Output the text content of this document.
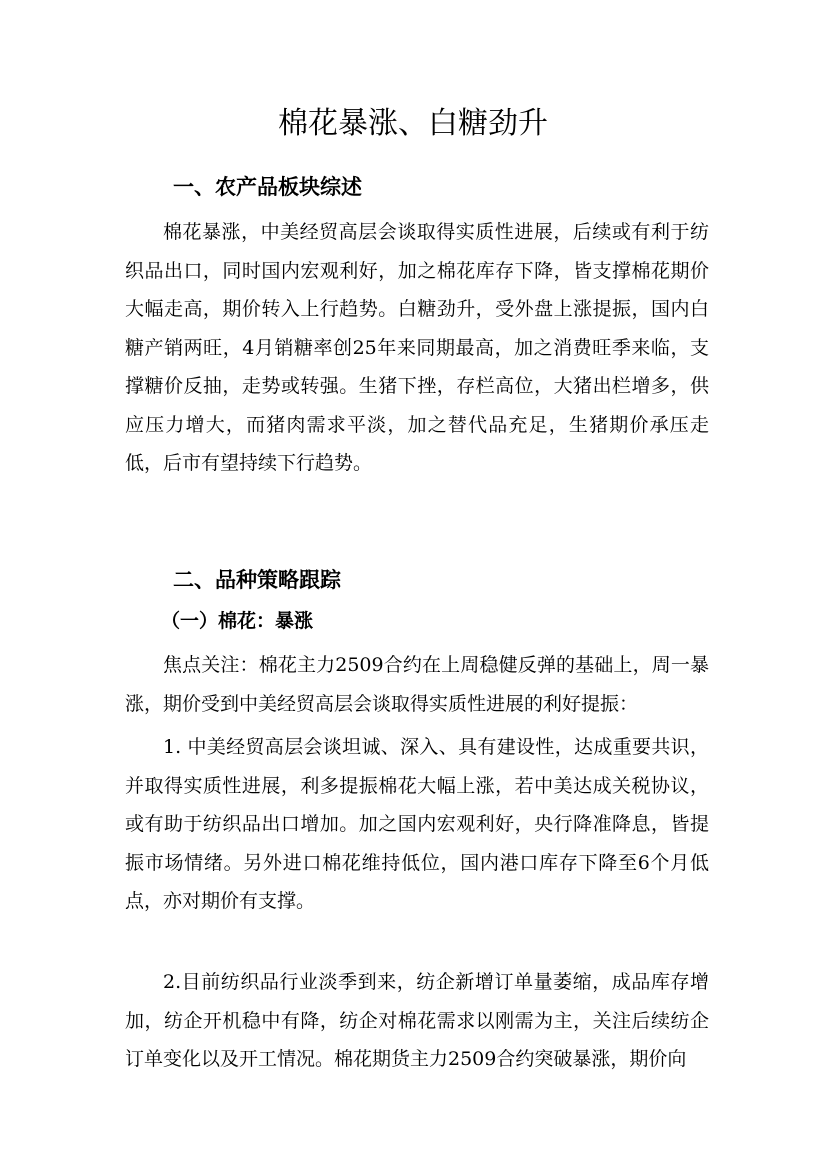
棉花暴涨、白糖劲升
一、农产品板块综述

棉花暴涨，中美经贸高层会谈取得实质性进展，后续或有利于纺织品出口，同时国内宏观利好，加之棉花库存下降，皆支撑棉花期价大幅走高，期价转入上行趋势。白糖劲升，受外盘上涨提振，国内白糖产销两旺，4月销糖率创25年来同期最高，加之消费旺季来临，支撑糖价反抽，走势或转强。生猪下挫，存栏高位，大猪出栏增多，供应压力增大，而猪肉需求平淡，加之替代品充足，生猪期价承压走低，后市有望持续下行趋势。

二、品种策略跟踪
（一）棉花：暴涨

焦点关注：棉花主力2509合约在上周稳健反弹的基础上，周一暴涨，期价受到中美经贸高层会谈取得实质性进展的利好提振：

1. 中美经贸高层会谈坦诚、深入、具有建设性，达成重要共识，并取得实质性进展，利多提振棉花大幅上涨，若中美达成关税协议，或有助于纺织品出口增加。加之国内宏观利好，央行降准降息，皆提振市场情绪。另外进口棉花维持低位，国内港口库存下降至6个月低点，亦对期价有支撑。

2.目前纺织品行业淡季到来，纺企新增订单量萎缩，成品库存增加，纺企开机稳中有降，纺企对棉花需求以刚需为主，关注后续纺企订单变化以及开工情况。棉花期货主力2509合约突破暴涨，期价向
